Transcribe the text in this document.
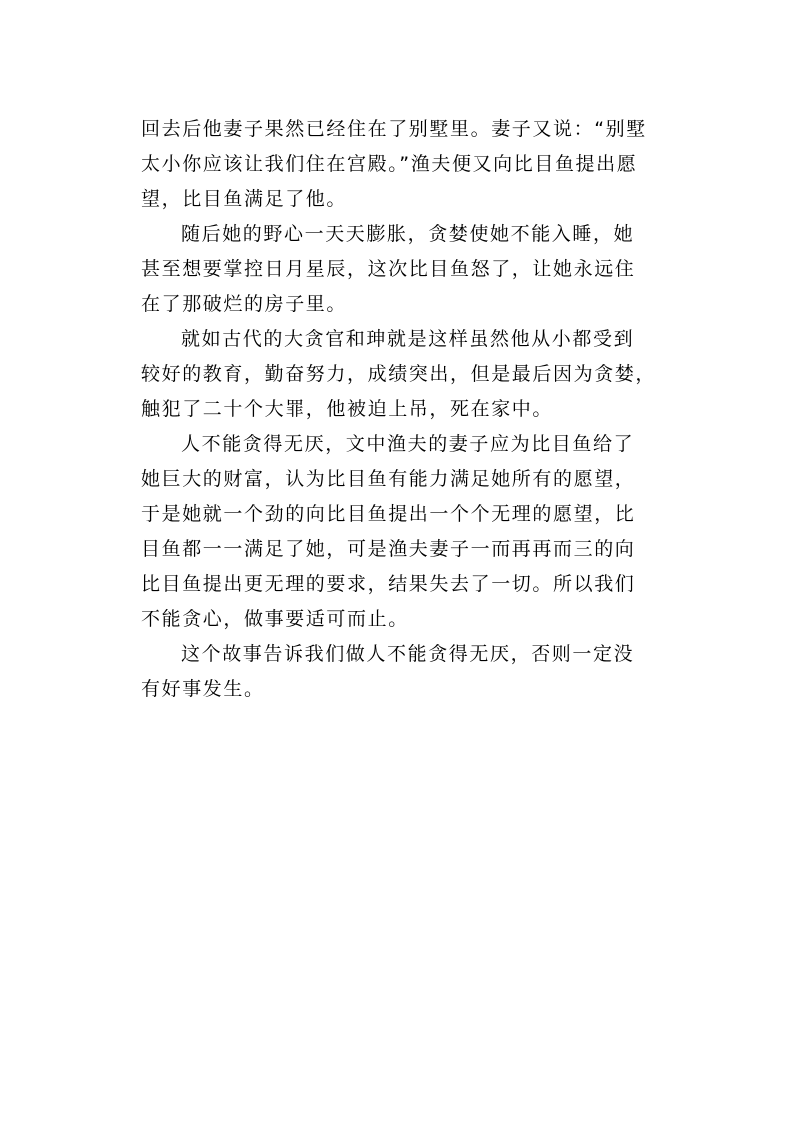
回去后他妻子果然已经住在了别墅里。妻子又说：“别墅
太小你应该让我们住在宫殿。”渔夫便又向比目鱼提出愿
望，比目鱼满足了他。
随后她的野心一天天膨胀，贪婪使她不能入睡，她
甚至想要掌控日月星辰，这次比目鱼怒了，让她永远住
在了那破烂的房子里。
就如古代的大贪官和珅就是这样虽然他从小都受到
较好的教育，勤奋努力，成绩突出，但是最后因为贪婪，
触犯了二十个大罪，他被迫上吊，死在家中。
人不能贪得无厌，文中渔夫的妻子应为比目鱼给了
她巨大的财富，认为比目鱼有能力满足她所有的愿望，
于是她就一个劲的向比目鱼提出一个个无理的愿望，比
目鱼都一一满足了她，可是渔夫妻子一而再再而三的向
比目鱼提出更无理的要求，结果失去了一切。所以我们
不能贪心，做事要适可而止。
这个故事告诉我们做人不能贪得无厌，否则一定没
有好事发生。
